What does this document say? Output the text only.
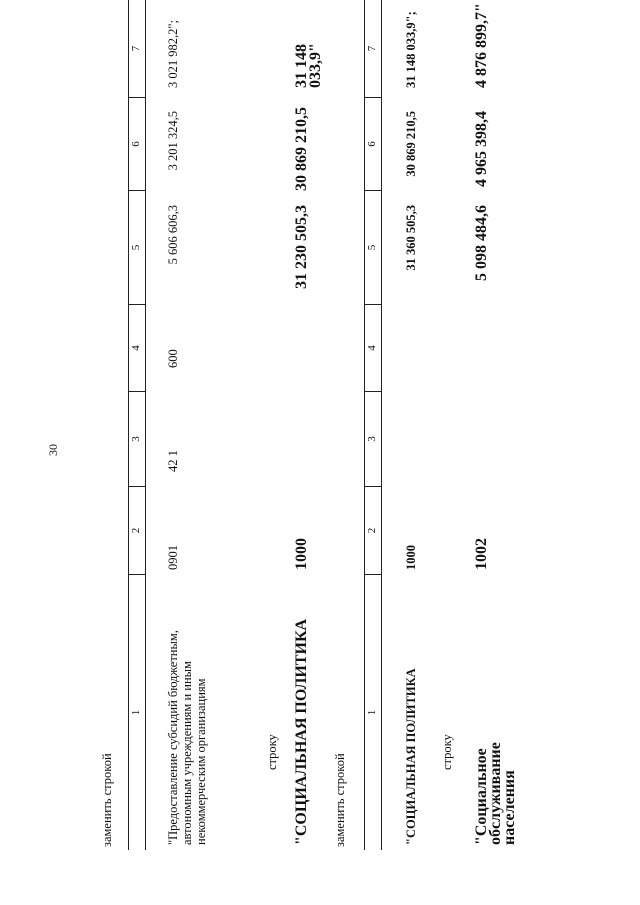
30
заменить строкой
1
2
3
4
5
6
7
"Предоставление субсидий бюджетным, автономным учреждениям и иным некоммерческим организациям
0901
42 1
600
5 606 606,3
3 201 324,5
3 021 982,2";
строку "СОЦИАЛЬНАЯ ПОЛИТИКА
1000
31 230 505,3
30 869 210,5
31 148 033,9"
заменить строкой
1
2
3
4
5
6
7
"СОЦИАЛЬНАЯ ПОЛИТИКА
1000
31 360 505,3
30 869 210,5
31 148 033,9";
строку "Социальное обслуживание населения
1002
5 098 484,6
4 965 398,4
4 876 899,7"
